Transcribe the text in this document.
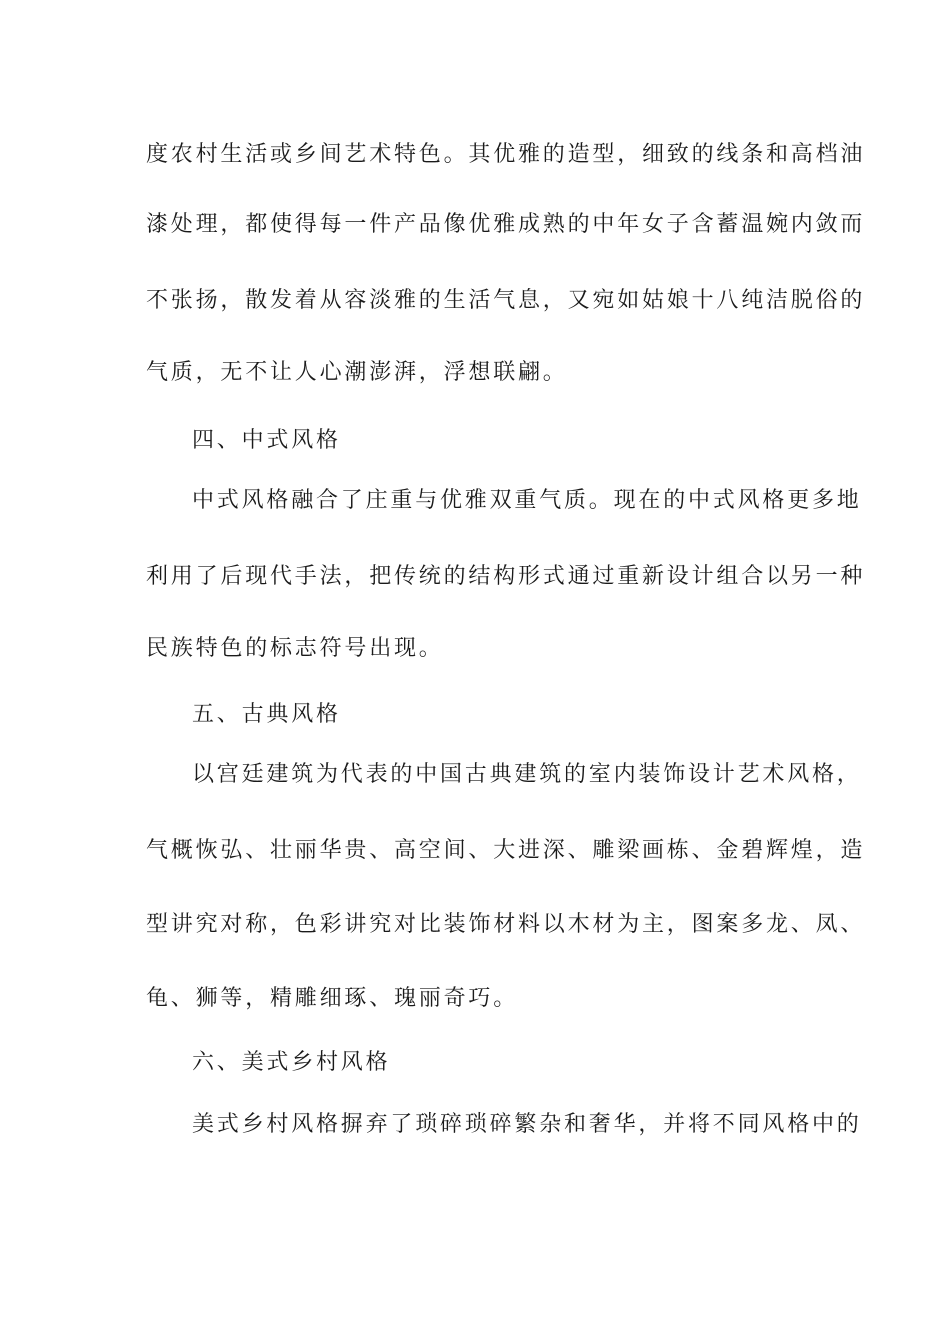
度农村生活或乡间艺术特色。其优雅的造型，细致的线条和高档油
漆处理，都使得每一件产品像优雅成熟的中年女子含蓄温婉内敛而
不张扬，散发着从容淡雅的生活气息，又宛如姑娘十八纯洁脱俗的
气质，无不让人心潮澎湃，浮想联翩。
四、中式风格
中式风格融合了庄重与优雅双重气质。现在的中式风格更多地
利用了后现代手法，把传统的结构形式通过重新设计组合以另一种
民族特色的标志符号出现。
五、古典风格
以宫廷建筑为代表的中国古典建筑的室内装饰设计艺术风格，
气概恢弘、壮丽华贵、高空间、大进深、雕梁画栋、金碧辉煌，造
型讲究对称，色彩讲究对比装饰材料以木材为主，图案多龙、凤、
龟、狮等，精雕细琢、瑰丽奇巧。
六、美式乡村风格
美式乡村风格摒弃了琐碎琐碎繁杂和奢华，并将不同风格中的
